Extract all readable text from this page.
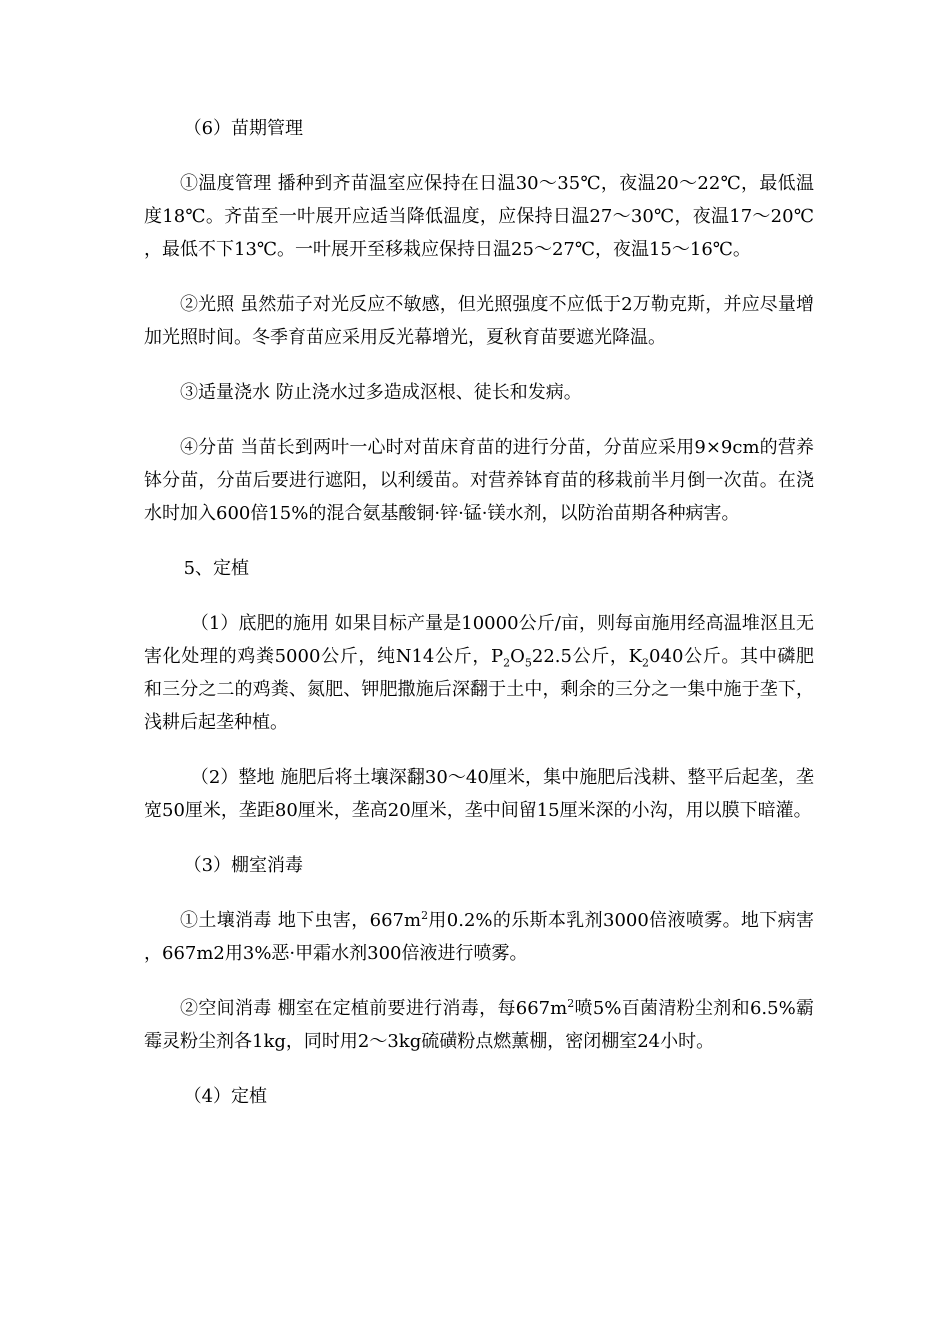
（6）苗期管理

①温度管理 播种到齐苗温室应保持在日温30～35℃，夜温20～22℃，最低温度18℃。齐苗至一叶展开应适当降低温度，应保持日温27～30℃，夜温17～20℃，最低不下13℃。一叶展开至移栽应保持日温25～27℃，夜温15～16℃。

②光照 虽然茄子对光反应不敏感，但光照强度不应低于2万勒克斯，并应尽量增加光照时间。冬季育苗应采用反光幕增光，夏秋育苗要遮光降温。

③适量浇水 防止浇水过多造成沤根、徒长和发病。

④分苗 当苗长到两叶一心时对苗床育苗的进行分苗，分苗应采用9×9cm的营养钵分苗，分苗后要进行遮阳，以利缓苗。对营养钵育苗的移栽前半月倒一次苗。在浇水时加入600倍15%的混合氨基酸铜·锌·锰·镁水剂，以防治苗期各种病害。

5、定植

（1）底肥的施用 如果目标产量是10000公斤/亩，则每亩施用经高温堆沤且无害化处理的鸡粪5000公斤，纯N14公斤，$P_2O_522.5$公斤，$K_2040$公斤。其中磷肥和三分之二的鸡粪、氮肥、钾肥撒施后深翻于土中，剩余的三分之一集中施于垄下，浅耕后起垄种植。

（2）整地 施肥后将土壤深翻30～40厘米，集中施肥后浅耕、整平后起垄，垄宽50厘米，垄距80厘米，垄高20厘米，垄中间留15厘米深的小沟，用以膜下暗灌。

（3）棚室消毒

①土壤消毒 地下虫害，$667m^2$用0.2%的乐斯本乳剂3000倍液喷雾。地下病害，667m2用3%恶·甲霜水剂300倍液进行喷雾。

②空间消毒 棚室在定植前要进行消毒，每$667m^2$喷5%百菌清粉尘剂和6.5%霸霉灵粉尘剂各1kg，同时用2～3kg硫磺粉点燃薰棚，密闭棚室24小时。

（4）定植
